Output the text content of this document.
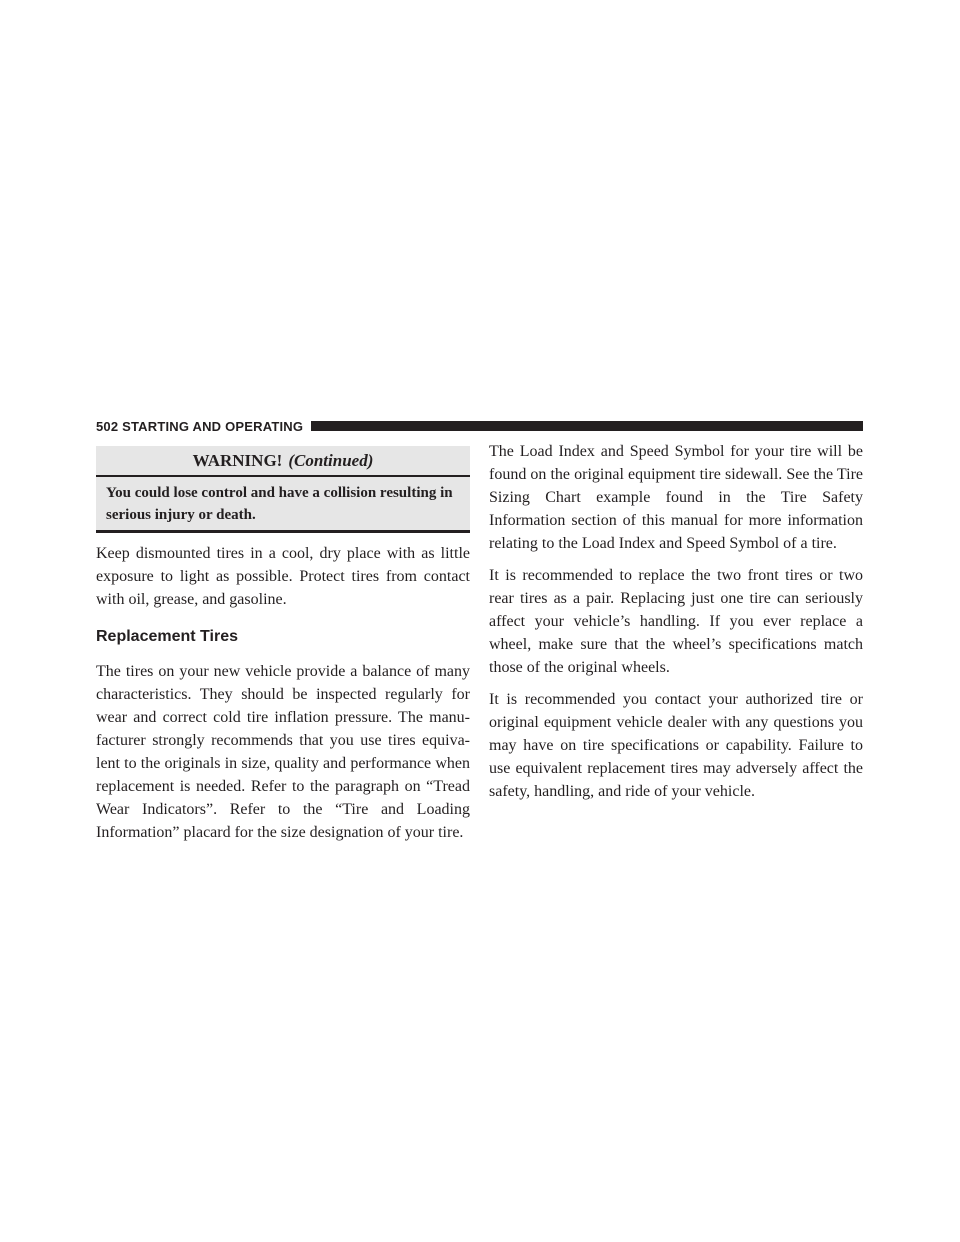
502 STARTING AND OPERATING
WARNING! (Continued)
You could lose control and have a collision resulting in serious injury or death.

Keep dismounted tires in a cool, dry place with as little exposure to light as possible. Protect tires from contact with oil, grease, and gasoline.

Replacement Tires

The tires on your new vehicle provide a balance of many characteristics. They should be inspected regularly for wear and correct cold tire inflation pressure. The manufacturer strongly recommends that you use tires equivalent to the originals in size, quality and performance when replacement is needed. Refer to the paragraph on “Tread Wear Indicators”. Refer to the “Tire and Loading Information” placard for the size designation of your tire.

The Load Index and Speed Symbol for your tire will be found on the original equipment tire sidewall. See the Tire Sizing Chart example found in the Tire Safety Information section of this manual for more information relating to the Load Index and Speed Symbol of a tire.

It is recommended to replace the two front tires or two rear tires as a pair. Replacing just one tire can seriously affect your vehicle’s handling. If you ever replace a wheel, make sure that the wheel’s specifications match those of the original wheels.

It is recommended you contact your authorized tire or original equipment vehicle dealer with any questions you may have on tire specifications or capability. Failure to use equivalent replacement tires may adversely affect the safety, handling, and ride of your vehicle.
